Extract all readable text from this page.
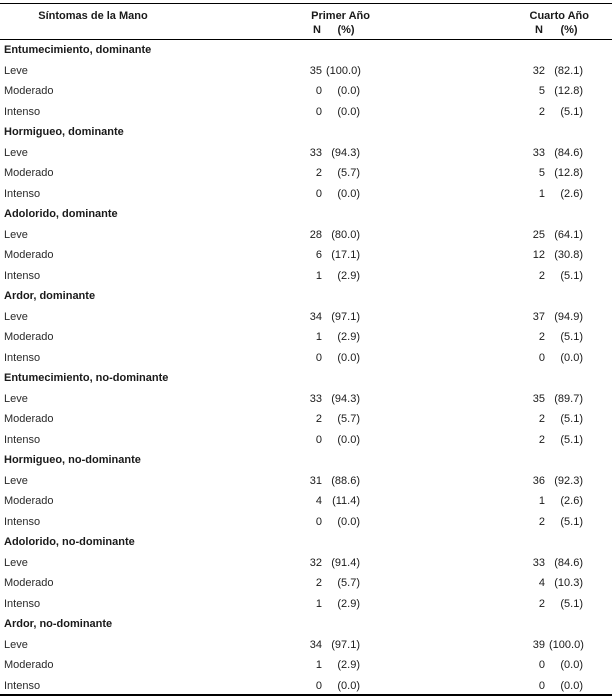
Síntomas de la Mano	Primer Año	Cuarto Año
N (%)	N (%)
Entumecimiento, dominante
Leve	35 (100.0)	32 (82.1)
Moderado	0	(0.0)	5 (12.8)
Intenso	0	(0.0)	2	(5.1)
Hormigueo, dominante
Leve	33 (94.3)	33 (84.6)
Moderado	2	(5.7)	5 (12.8)
Intenso	0	(0.0)	1	(2.6)
Adolorido, dominante
Leve	28 (80.0)	25 (64.1)
Moderado	6 (17.1)	12 (30.8)
Intenso	1	(2.9)	2	(5.1)
Ardor, dominante
Leve	34 (97.1)	37 (94.9)
Moderado	1	(2.9)	2	(5.1)
Intenso	0	(0.0)	0	(0.0)
Entumecimiento, no-dominante
Leve	33 (94.3)	35 (89.7)
Moderado	2	(5.7)	2	(5.1)
Intenso	0	(0.0)	2	(5.1)
Hormigueo, no-dominante
Leve	31 (88.6)	36 (92.3)
Moderado	4 (11.4)	1	(2.6)
Intenso	0	(0.0)	2	(5.1)
Adolorido, no-dominante
Leve	32 (91.4)	33 (84.6)
Moderado	2	(5.7)	4 (10.3)
Intenso	1	(2.9)	2	(5.1)
Ardor, no-dominante
Leve	34 (97.1)	39 (100.0)
Moderado	1	(2.9)	0	(0.0)
Intenso	0	(0.0)	0	(0.0)
